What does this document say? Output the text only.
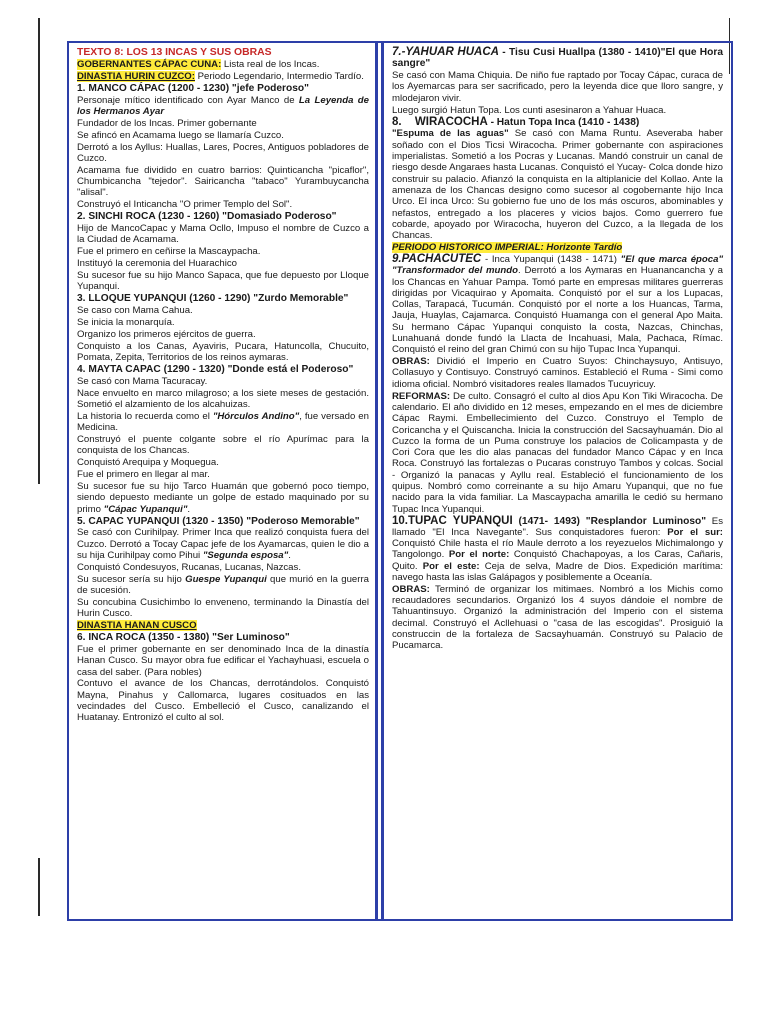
TEXTO 8: LOS 13 INCAS Y SUS OBRAS

GOBERNANTES CÁPAC CUNA: Lista real de los Incas.

DINASTIA HURIN CUZCO: Periodo Legendario, Intermedio Tardío.

1. MANCO CÁPAC (1200 - 1230) "jefe Poderoso"

Personaje mítico identificado con Ayar Manco de La Leyenda de los Hermanos Ayar

Fundador de los Incas. Primer gobernante

Se afincó en Acamama luego se llamaría Cuzco.

Derrotó a los Ayllus: Huallas, Lares, Pocres, Antiguos pobladores de Cuzco.

Acamama fue dividido en cuatro barrios: Quinticancha "picaflor", Chumbicancha "tejedor". Sairicancha "tabaco" Yurambuycancha "alisal".

Construyó el Inticancha "O primer Templo del Sol".

2. SINCHI ROCA (1230 - 1260) "Domasiado Poderoso"

Hijo de MancoCapac y Mama Ocllo, Impuso el nombre de Cuzco a la Ciudad de Acamama.

Fue el primero en ceñirse la Mascaypacha.

Instituyó la ceremonia del Huarachico

Su sucesor fue su hijo Manco Sapaca, que fue depuesto por Lloque Yupanqui.

3. LLOQUE YUPANQUI (1260 - 1290) "Zurdo Memorable"

Se caso con Mama Cahua.

Se inicia la monarquía.

Organizo los primeros ejércitos de guerra.

Conquisto a los Canas, Ayaviris, Pucara, Hatuncolla, Chucuito, Pomata, Zepita, Territorios de los reinos aymaras.

4. MAYTA CAPAC (1290 - 1320) "Donde está el Poderoso"

Se casó con Mama Tacuracay.

Nace envuelto en marco milagroso; a los siete meses de gestación. Sometió el alzamiento de los alcahuizas.

La historia lo recuerda como el "Hórculos Andino", fue versado en Medicina.

Construyó el puente colgante sobre el río Apurímac para la conquista de los Chancas.

Conquistó Arequipa y Moquegua.

Fue el primero en llegar al mar.

Su sucesor fue su hijo Tarco Huamán que gobernó poco tiempo, siendo depuesto mediante un golpe de estado maquinado por su primo "Cápac Yupanqui".

5. CAPAC YUPANQUI (1320 - 1350) "Poderoso Memorable"

Se casó con Curihilpay. Primer Inca que realizó conquista fuera del Cuzco. Derrotó a Tocay Capac jefe de los Ayamarcas, quien le dio a su hija Curihilpay como Pihui "Segunda esposa".

Conquistó Condesuyos, Rucanas, Lucanas, Nazcas.

Su sucesor sería su hijo Guespe Yupanqui que murió en la guerra de sucesión.

Su concubina Cusichimbo lo enveneno, terminando la Dinastía del Hurin Cusco.

DINASTIA HANAN CUSCO

6. INCA ROCA (1350 - 1380) "Ser Luminoso"

Fue el primer gobernante en ser denominado Inca de la dinastía Hanan Cusco. Su mayor obra fue edificar el Yachayhuasi, escuela o casa del saber. (Para nobles)

Contuvo el avance de los Chancas, derrotándolos. Conquistó Mayna, Pinahus y Callomarca, lugares cosituados en las vecindades del Cusco. Embelleció el Cusco, canalizando el Huatanay. Entronizó el culto al sol.

7.-YAHUAR HUACA - Tisu Cusi Huallpa (1380 - 1410)"El que Hora sangre"

Se casó con Mama Chiquia. De niño fue raptado por Tocay Cápac, curaca de los Ayemarcas para ser sacrificado, pero la leyenda dice que lloro sangre, y mlodejaron vivir.

Luego surgió Hatun Topa. Los cunti asesinaron a Yahuar Huaca.

8. WIRACOCHA - Hatun Topa Inca (1410 - 1438)

"Espuma de las aguas" Se casó con Mama Runtu. Aseveraba haber soñado con el Dios Ticsi Wiracocha. Primer gobernante con aspiraciones imperialistas. Sometió a los Pocras y Lucanas. Mandó construir un canal de riesgo desde Angaraes hasta Lucanas. Conquistó el Yucay- Colca donde hizo construir su palacio. Afianzó la conquista en la altiplanicie del Kollao. Ante la amenaza de los Chancas designo como sucesor al cogobernante hijo Inca Urco. El inca Urco: Su gobierno fue uno de los más oscuros, abominables y nefastos, entregado a los placeres y vicios bajos. Como guerrero fue cobarde, apoyado por Wiracocha, huyeron del Cuzco, a la llegada de los Chancas.

PERIODO HISTORICO IMPERIAL: Horizonte Tardío

9.PACHACUTEC - Inca Yupanqui (1438 - 1471) "El que marca época" "Transformador del mundo. Derrotó a los Aymaras en Huanancancha y a los Chancas en Yahuar Pampa. Tomó parte en empresas militares guerreras dirigidas por Vicaquirao y Apomaita. Conquistó por el sur a los Lupacas, Collas, Tarapacá, Tucumán. Conquistó por el norte a los Huancas, Tarma, Jauja, Huaylas, Cajamarca. Conquistó Huamanga con el general Apo Maita. Su hermano Cápac Yupanqui conquisto la costa, Nazcas, Chinchas, Lunahuaná donde fundó la Llacta de Incahuasi, Mala, Pachaca, Rímac. Conquistó el reino del gran Chimú con su hijo Tupac Inca Yupanqui.

OBRAS: Dividió el Imperio en Cuatro Suyos: Chinchaysuyo, Antisuyo, Collasuyo y Contisuyo. Construyó caminos. Estableció el Ruma - Simi como idioma oficial. Nombró visitadores reales llamados Tucuyricuy.

REFORMAS: De culto. Consagró el culto al dios Apu Kon Tiki Wiracocha. De calendario. El año dividido en 12 meses, empezando en el mes de diciembre Cápac Raymi. Embellecimiento del Cuzco. Construyo el Templo de Coricancha y el Quiscancha. Inicia la construcción del Sacsayhuamán. Dio al Cuzco la forma de un Puma construye los palacios de Colicampasta y de Cori Cora que les dio alas panacas del fundador Manco Cápac y en Inca Roca. Construyó las fortalezas o Pucaras construyo Tambos y colcas. Social - Organizó la panacas y Ayllu real. Estableció el funcionamiento de los quipus. Nombró como correinante a su hijo Amaru Yupanqui, que no fue nacido para la vida familiar. La Mascaypacha amarilla le cedió su hermano Tupac Inca Yupanqui.

10.TUPAC YUPANQUI (1471- 1493) "Resplandor Luminoso" Es llamado "El Inca Navegante". Sus conquistadores fueron: Por el sur: Conquistó Chile hasta el río Maule derroto a los reyezuelos Michimalongo y Tangolongo. Por el norte: Conquistó Chachapoyas, a los Caras, Cañaris, Quito. Por el este: Ceja de selva, Madre de Dios. Expedición marítima: navego hasta las islas Galápagos y posiblemente a Oceanía.

OBRAS: Terminó de organizar los mitimaes. Nombró a los Michis como recaudadores secundarios. Organizó los 4 suyos dándoie el nombre de Tahuantinsuyo. Organizó la administración del Imperio con el sistema decimal. Construyó el Acllehuasi o "casa de las escogidas". Prosiguió la construccin de la fortaleza de Sacsayhuamán. Construyó su Palacio de Pucamarca.
